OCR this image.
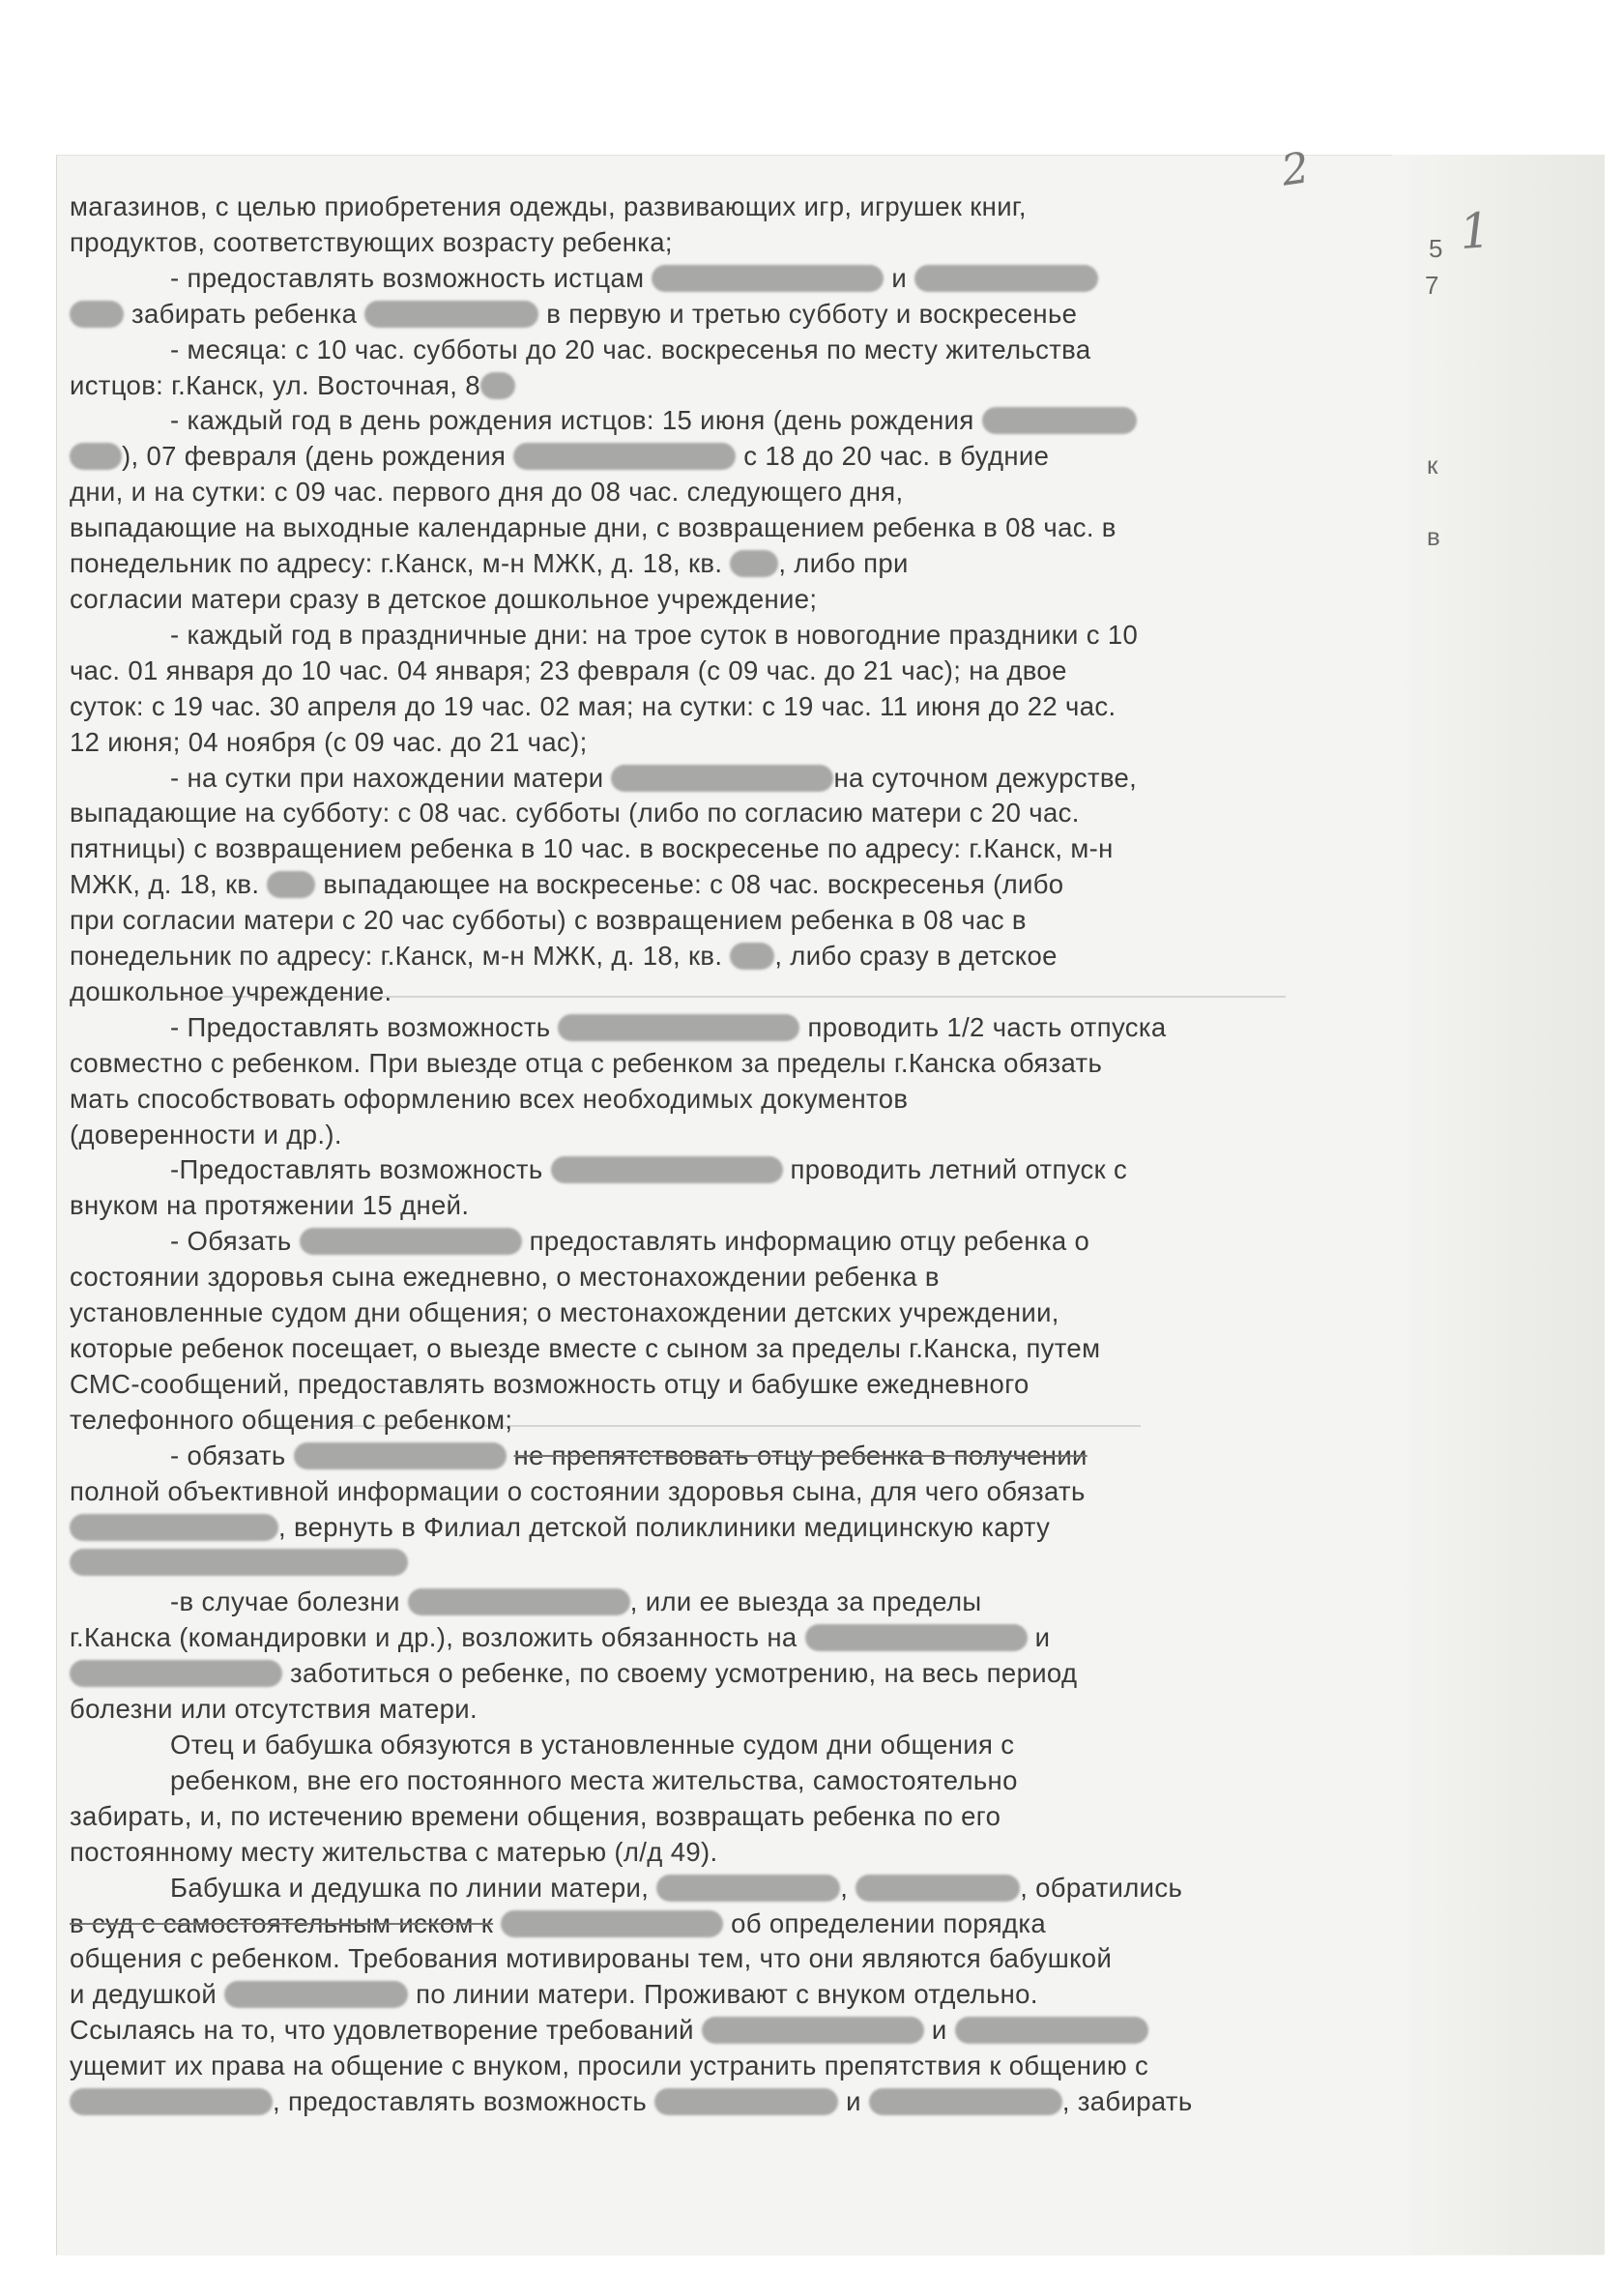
2
1
5
7
к
в

магазинов, с целью приобретения одежды, развивающих игр, игрушек книг,

продуктов, соответствующих возрасту ребенка;

- предоставлять возможность истцам	и

забирать ребенка	в первую и третью субботу и воскресенье

- месяца: с 10 час. субботы до 20 час. воскресенья по месту жительства

истцов: г.Канск, ул. Восточная, 8

- каждый год в день рождения истцов: 15 июня (день рождения

), 07 февраля (день рождения	с 18 до 20 час. в будние

дни, и на сутки: с 09 час. первого дня до 08 час. следующего дня,

выпадающие на выходные календарные дни, с возвращением ребенка в 08 час. в

понедельник по адресу: г.Канск, м-н МЖК, д. 18, кв. , либо при

согласии матери сразу в детское дошкольное учреждение;

- каждый год в праздничные дни: на трое суток в новогодние праздники с 10

час. 01 января до 10 час. 04 января; 23 февраля (с 09 час. до 21 час); на двое

суток: с 19 час. 30 апреля до 19 час. 02 мая; на сутки: с 19 час. 11 июня до 22 час.

12 июня; 04 ноября (с 09 час. до 21 час);

- на сутки при нахождении матери	на суточном дежурстве,

выпадающие на субботу: с 08 час. субботы (либо по согласию матери с 20 час.

пятницы) с возвращением ребенка в 10 час. в воскресенье по адресу: г.Канск, м-н

МЖК, д. 18, кв. выпадающее на воскресенье: с 08 час. воскресенья (либо

при согласии матери с 20 час субботы) с возвращением ребенка в 08 час в

понедельник по адресу: г.Канск, м-н МЖК, д. 18, кв. , либо сразу в детское

дошкольное учреждение.

- Предоставлять возможность	проводить 1/2 часть отпуска

совместно с ребенком. При выезде отца с ребенком за пределы г.Канска обязать

мать способствовать оформлению всех необходимых документов

(доверенности и др.).

-Предоставлять возможность	проводить летний отпуск с

внуком на протяжении 15 дней.

- Обязать	предоставлять информацию отцу ребенка о

состоянии здоровья сына ежедневно, о местонахождении ребенка в

установленные судом дни общения; о местонахождении детских учреждении,

которые ребенок посещает, о выезде вместе с сыном за пределы г.Канска, путем

СМС-сообщений, предоставлять возможность отцу и бабушке ежедневного

телефонного общения с ребенком;

- обязать	не препятствовать отцу ребенка в получении

полной объективной информации о состоянии здоровья сына, для чего обязать

, вернуть в Филиал детской поликлиники медицинскую карту

-в случае болезни	, или ее выезда за пределы

г.Канска (командировки и др.), возложить обязанность на	и

заботиться о ребенке, по своему усмотрению, на весь период

болезни или отсутствия матери.

Отец и бабушка обязуются в установленные судом дни общения с

ребенком, вне его постоянного места жительства, самостоятельно

забирать, и, по истечению времени общения, возвращать ребенка по его

постоянному месту жительства с матерью (л/д 49).

Бабушка и дедушка по линии матери,	,	, обратились

в суд с самостоятельным иском к	об определении порядка

общения с ребенком. Требования мотивированы тем, что они являются бабушкой

и дедушкой	по линии матери. Проживают с внуком отдельно.

Ссылаясь на то, что удовлетворение требований	и

ущемит их права на общение с внуком, просили устранить препятствия к общению с

, предоставлять возможность	и	, забирать
